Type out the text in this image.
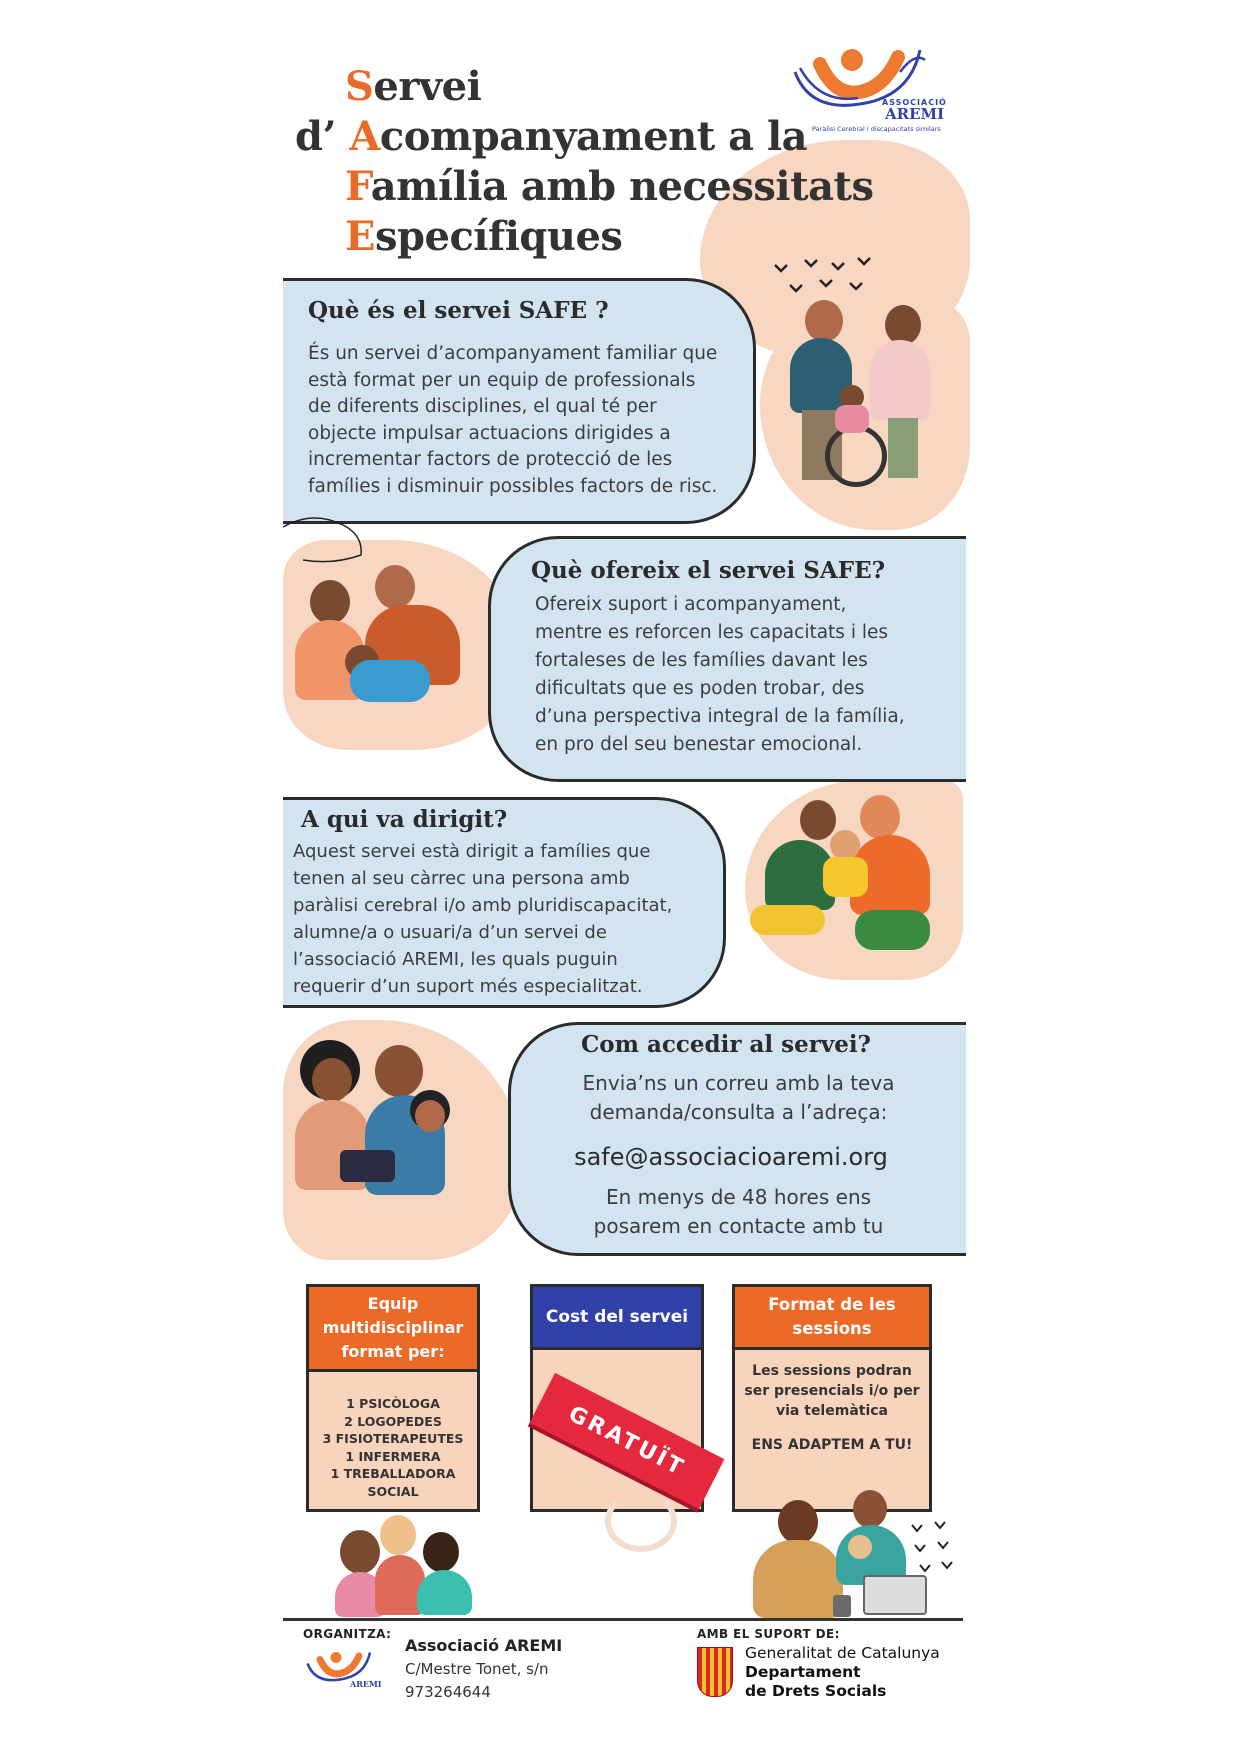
Servei
d’ Acompanyament a la
Família amb necessitats
Específiques
ASSOCIACIÓ
AREMI
Paràlisi Cerebral i discapacitats similars
Què és el servei SAFE ?
És un servei d’acompanyament familiar que
està format per un equip de professionals
de diferents disciplines, el qual té per
objecte impulsar actuacions dirigides a
incrementar factors de protecció de les
famílies i disminuir possibles factors de risc.
Què ofereix el servei SAFE?
Ofereix suport i acompanyament,
mentre es reforcen les capacitats i les
fortaleses de les famílies davant les
dificultats que es poden trobar, des
d’una perspectiva integral de la família,
en pro del seu benestar emocional.
A qui va dirigit?
Aquest servei està dirigit a famílies que
tenen al seu càrrec una persona amb
paràlisi cerebral i/o amb pluridiscapacitat,
alumne/a o usuari/a d’un servei de
l’associació AREMI, les quals puguin
requerir d’un suport més especialitzat.
Com accedir al servei?
Envia’ns un correu amb la teva
demanda/consulta a l’adreça:
safe@associacioaremi.org
En menys de 48 hores ens
posarem en contacte amb tu
Equip
multidisciplinar
format per:
1 PSICÒLOGA
2 LOGOPEDES
3 FISIOTERAPEUTES
1 INFERMERA
1 TREBALLADORA SOCIAL
Cost del servei
Format de les
sessions
Les sessions podran
ser presencials i/o per
via telemàtica
ENS ADAPTEM A TU!
GRATUÏT
ORGANITZA:
AREMI
Associació AREMI
C/Mestre Tonet, s/n
973264644
AMB EL SUPORT DE:
Generalitat de Catalunya
Departament
de Drets Socials
